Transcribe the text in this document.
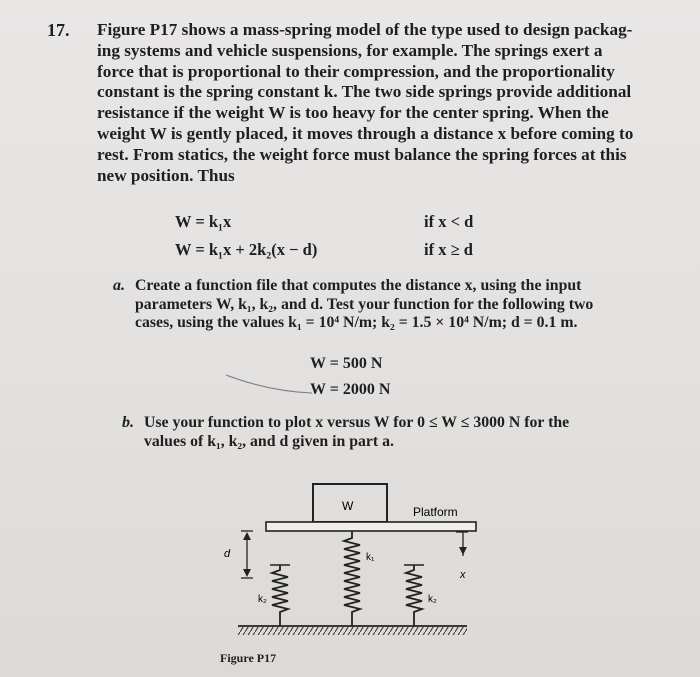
17. Figure P17 shows a mass-spring model of the type used to design packag-
ing systems and vehicle suspensions, for example. The springs exert a
force that is proportional to their compression, and the proportionality
constant is the spring constant k. The two side springs provide additional
resistance if the weight W is too heavy for the center spring. When the
weight W is gently placed, it moves through a distance x before coming to
rest. From statics, the weight force must balance the spring forces at this
new position. Thus
W = k₁x	if x < d
W = k₁x + 2k₂(x − d)	if x ≥ d
a. Create a function file that computes the distance x, using the input
parameters W, k₁, k₂, and d. Test your function for the following two
cases, using the values k₁ = 10⁴ N/m; k₂ = 1.5 × 10⁴ N/m; d = 0.1 m.
W = 500 N
W = 2000 N
b. Use your function to plot x versus W for 0 ≤ W ≤ 3000 N for the
values of k₁, k₂, and d given in part a.
W	Platform
d
x
k₁
k₂	k₂
Figure P17
